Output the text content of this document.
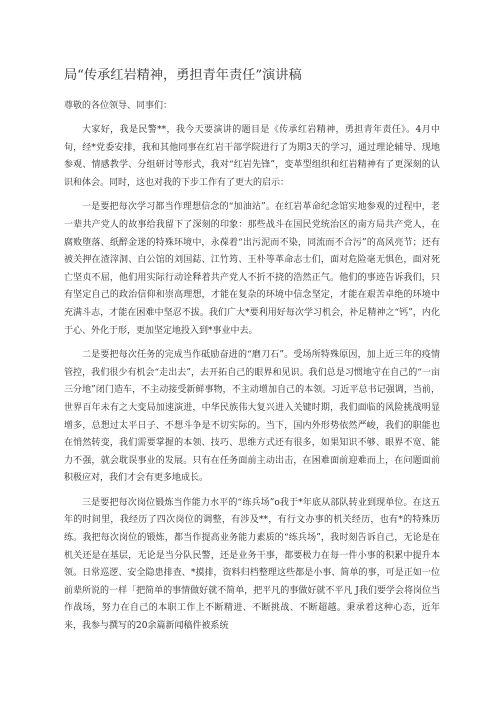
局“传承红岩精神，勇担青年责任”演讲稿
尊敬的各位领导、同事们：

大家好，我是民警**，我今天要演讲的题目是《传承红岩精神，勇担青年责任》。4月中旬，经*党委安排，我和其他同事在红岩干部学院进行了为期3天的学习，通过理论辅导、现地参观、情感教学、分组研讨等形式，我对“红岩先锋”，变革型组织和红岩精神有了更深刻的认识和体会。同时，这也对我的下步工作有了更大的启示：

一是要把每次学习都当作理想信念的“加油站”。在红岩革命纪念馆实地参观的过程中，老一辈共产党人的故事给我留下了深刻的印象：那些战斗在国民党统治区的南方局共产党人，在腐败堕落、纸醉金迷的特殊环境中，永葆着“出污泥而不染，同流而不合污”的高风亮节；还有被关押在渣滓洞、白公馆的刘国鋕、江竹筠、王朴等革命志士们，面对危险毫无惧色，面对死亡坚贞不屈，他们用实际行动诠释着共产党人不折不挠的浩然正气。他们的事迹告诉我们，只有坚定自己的政治信仰和崇高理想，才能在复杂的环境中信念坚定，才能在艰苦卓绝的环境中充满斗志，才能在困难中坚忍不拔。我们广大*要利用好每次学习机会，补足精神之“钙”，内化于心、外化于形，更加坚定地投入到*事业中去。

二是要把每次任务的完成当作砥励奋进的“磨刀石”。受场所特殊原因，加上近三年的疫情管控，我们很少有机会“走出去”，去开拓自己的眼界和见识。我们总是习惯地守在自己的“一亩三分地”闭门造车，不主动接受新鲜事物，不主动增加自己的本领。习近平总书记强调，当前，世界百年未有之大变局加速演进，中华民族伟大复兴进入关键时期，我们面临的风险挑战明显增多，总想过太平日子、不想斗争是不切实际的。当下，国内外形势依然严峻，我们的职能也在悄然转变，我们需要掌握的本领、技巧、思维方式还有很多，如果知识不够、眼界不宽、能力不强，就会耽误事业的发展。只有在任务面前主动出击，在困难面前迎难而上，在问题面前积极应对，我们才会有更多地成长。

三是要把每次岗位锻炼当作能力水平的“练兵场”o我于*年底从部队转业到现单位。在这五年的时间里，我经历了四次岗位的调整，有涉及**，有行文办事的机关经历，也有*的特殊历练。我把每次岗位的锻炼，都当作提高业务能力素质的“练兵场”，我时刻告诉自己，无论是在机关还是在基层，无论是当分队民警，还是业务干事，都要极力在每一件小事的积累中提升本领。日常巡逻、安全隐患排查、*摸排，资料归档整理这些都是小事、简单的事，可是正如一位前辈所说的一样「把简单的事情做好就不简单，把平凡的事做好就不平凡 J我们要学会将岗位当作战场，努力在自己的本职工作上不断精进、不断挑战、不断超越。秉承着这种心态，近年来，我参与撰写的20余篇新闻稿件被系统
